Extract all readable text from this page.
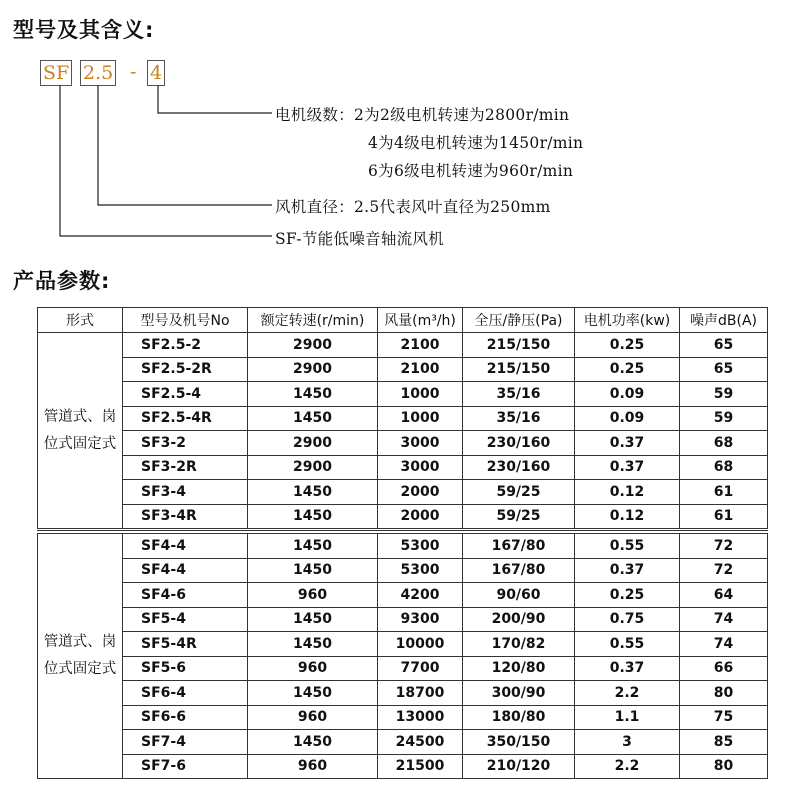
型号及其含义:
SF 2.5 - 4
电机级数：2为2级电机转速为2800r/min
4为4级电机转速为1450r/min
6为6级电机转速为960r/min
风机直径：2.5代表风叶直径为250mm
SF-节能低噪音轴流风机
产品参数:
形式	型号及机号No	额定转速(r/min)	风量(m³/h)	全压/静压(Pa)	电机功率(kw)	噪声dB(A)
管道式、岗位式固定式	SF2.5-2	2900	2100	215/150	0.25	65
	SF2.5-2R	2900	2100	215/150	0.25	65
	SF2.5-4	1450	1000	35/16	0.09	59
	SF2.5-4R	1450	1000	35/16	0.09	59
	SF3-2	2900	3000	230/160	0.37	68
	SF3-2R	2900	3000	230/160	0.37	68
	SF3-4	1450	2000	59/25	0.12	61
	SF3-4R	1450	2000	59/25	0.12	61

管道式、岗位式固定式	SF4-4	1450	5300	167/80	0.55	72
	SF4-4	1450	5300	167/80	0.37	72
	SF4-6	960	4200	90/60	0.25	64
	SF5-4	1450	9300	200/90	0.75	74
	SF5-4R	1450	10000	170/82	0.55	74
	SF5-6	960	7700	120/80	0.37	66
	SF6-4	1450	18700	300/90	2.2	80
	SF6-6	960	13000	180/80	1.1	75
	SF7-4	1450	24500	350/150	3	85
	SF7-6	960	21500	210/120	2.2	80
